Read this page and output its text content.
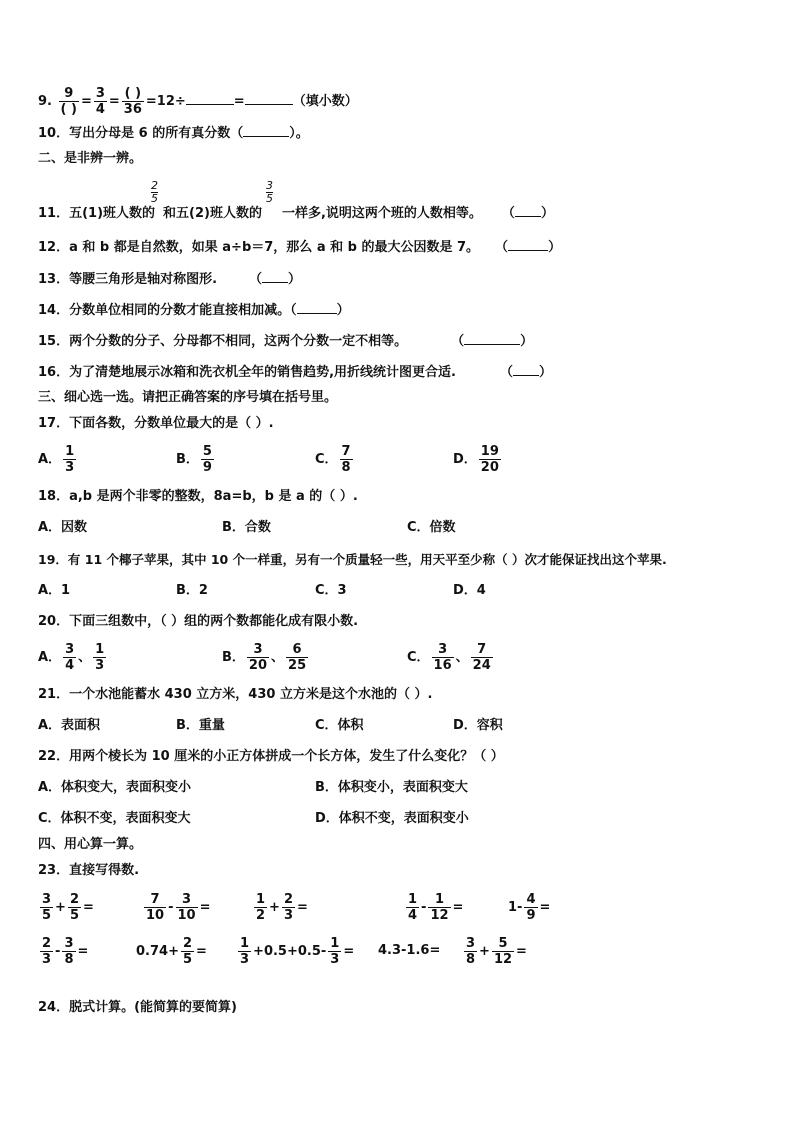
9. $\frac{9}{( )} = \frac{3}{4} = \frac{( )}{36} =12\div$	=	（填小数）
10．写出分母是 6 的所有真分数（	）。
二、是非辨一辨。
$\frac{2}{5}$	$\frac{3}{5}$
11．五(1)班人数的 和五(2)班人数的 一样多,说明这两个班的人数相等。 （ ）
12．a 和 b 都是自然数，如果 a÷b＝7，那么 a 和 b 的最大公因数是 7。 （	）
13．等腰三角形是轴对称图形. （ ）
14．分数单位相同的分数才能直接相加减。（	）
15．两个分数的分子、分母都不相同，这两个分数一定不相等。	（	）
16．为了清楚地展示冰箱和洗衣机全年的销售趋势,用折线统计图更合适.	（ ）
三、细心选一选。请把正确答案的序号填在括号里。
17．下面各数，分数单位最大的是（ ）.
A． $\frac{1}{3}$	B． $\frac{5}{9}$	C． $\frac{7}{8}$	D． $\frac{19}{20}$
18．a,b 是两个非零的整数，8a=b，b 是 a 的（ ）.
A．因数	B．合数	C．倍数
19．有 11 个椰子苹果，其中 10 个一样重，另有一个质量轻一些，用天平至少称（ ）次才能保证找出这个苹果.
A．1	B．2	C．3	D．4
20．下面三组数中，（ ）组的两个数都能化成有限小数.
A． $\frac{3}{4}$ 、 $\frac{1}{3}$	B． $\frac{3}{20}$ 、 $\frac{6}{25}$	C． $\frac{3}{16}$ 、 $\frac{7}{24}$
21．一个水池能蓄水 430 立方米，430 立方米是这个水池的（ ）.
A．表面积	B．重量	C．体积	D．容积
22．用两个棱长为 10 厘米的小正方体拼成一个长方体，发生了什么变化？（ ）
A．体积变大，表面积变小	B．体积变小，表面积变大
C．体积不变，表面积变大	D．体积不变，表面积变小
四、用心算一算。
23．直接写得数.
$\frac{3}{5} + \frac{2}{5}$ =	$\frac{7}{10} - \frac{3}{10}$ =	$\frac{1}{2} + \frac{2}{3}$ =	$\frac{1}{4} - \frac{1}{12}$ =	$1- \frac{4}{9}$ =
$\frac{2}{3} - \frac{3}{8}$ =	$0.74+ \frac{2}{5} = \frac{1}{3} +0.5+0.5- \frac{1}{3} = 4.3-1.6= \frac{3}{8} + \frac{5}{12}$ =
24．脱式计算。(能简算的要简算)
